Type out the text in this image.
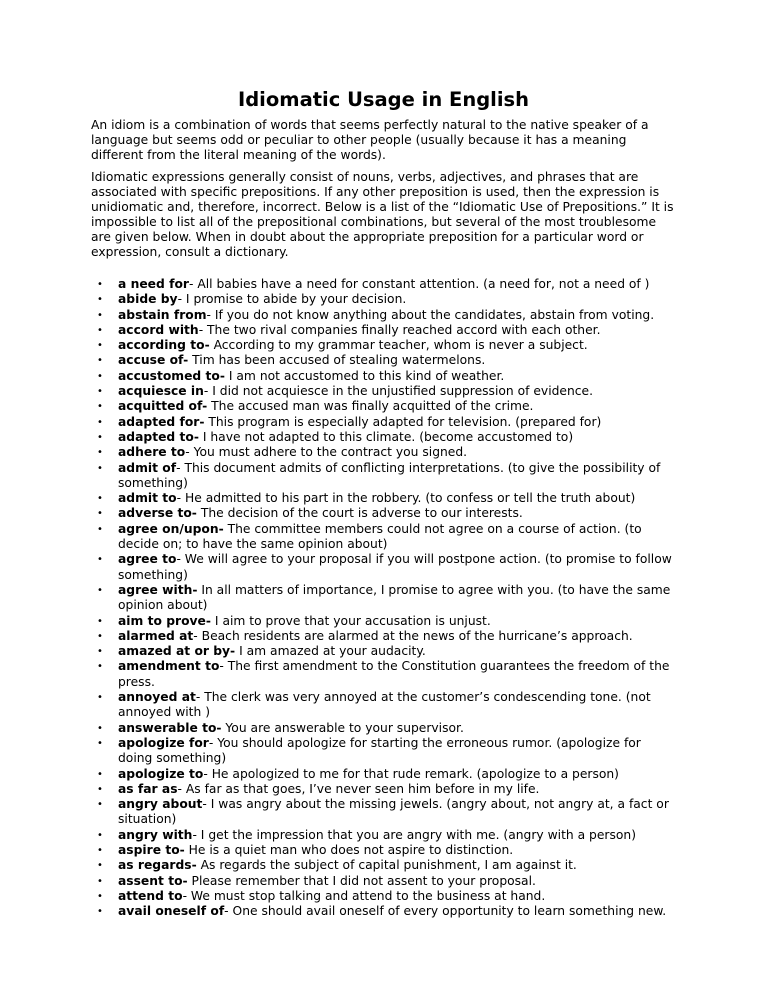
Idiomatic Usage in English

An idiom is a combination of words that seems perfectly natural to the native speaker of a language but seems odd or peculiar to other people (usually because it has a meaning different from the literal meaning of the words).

Idiomatic expressions generally consist of nouns, verbs, adjectives, and phrases that are associated with specific prepositions. If any other preposition is used, then the expression is unidiomatic and, therefore, incorrect. Below is a list of the “Idiomatic Use of Prepositions.” It is impossible to list all of the prepositional combinations, but several of the most troublesome are given below. When in doubt about the appropriate preposition for a particular word or expression, consult a dictionary.

• a need for- All babies have a need for constant attention. (a need for, not a need of )
• abide by- I promise to abide by your decision.
• abstain from- If you do not know anything about the candidates, abstain from voting.
• accord with- The two rival companies finally reached accord with each other.
• according to- According to my grammar teacher, whom is never a subject.
• accuse of- Tim has been accused of stealing watermelons.
• accustomed to- I am not accustomed to this kind of weather.
• acquiesce in- I did not acquiesce in the unjustified suppression of evidence.
• acquitted of- The accused man was finally acquitted of the crime.
• adapted for- This program is especially adapted for television. (prepared for)
• adapted to- I have not adapted to this climate. (become accustomed to)
• adhere to- You must adhere to the contract you signed.
• admit of- This document admits of conflicting interpretations. (to give the possibility of something)
• admit to- He admitted to his part in the robbery. (to confess or tell the truth about)
• adverse to- The decision of the court is adverse to our interests.
• agree on/upon- The committee members could not agree on a course of action. (to decide on; to have the same opinion about)
• agree to- We will agree to your proposal if you will postpone action. (to promise to follow something)
• agree with- In all matters of importance, I promise to agree with you. (to have the same opinion about)
• aim to prove- I aim to prove that your accusation is unjust.
• alarmed at- Beach residents are alarmed at the news of the hurricane’s approach.
• amazed at or by- I am amazed at your audacity.
• amendment to- The first amendment to the Constitution guarantees the freedom of the press.
• annoyed at- The clerk was very annoyed at the customer’s condescending tone. (not annoyed with )
• answerable to- You are answerable to your supervisor.
• apologize for- You should apologize for starting the erroneous rumor. (apologize for doing something)
• apologize to- He apologized to me for that rude remark. (apologize to a person)
• as far as- As far as that goes, I’ve never seen him before in my life.
• angry about- I was angry about the missing jewels. (angry about, not angry at, a fact or situation)
• angry with- I get the impression that you are angry with me. (angry with a person)
• aspire to- He is a quiet man who does not aspire to distinction.
• as regards- As regards the subject of capital punishment, I am against it.
• assent to- Please remember that I did not assent to your proposal.
• attend to- We must stop talking and attend to the business at hand.
• avail oneself of- One should avail oneself of every opportunity to learn something new.
